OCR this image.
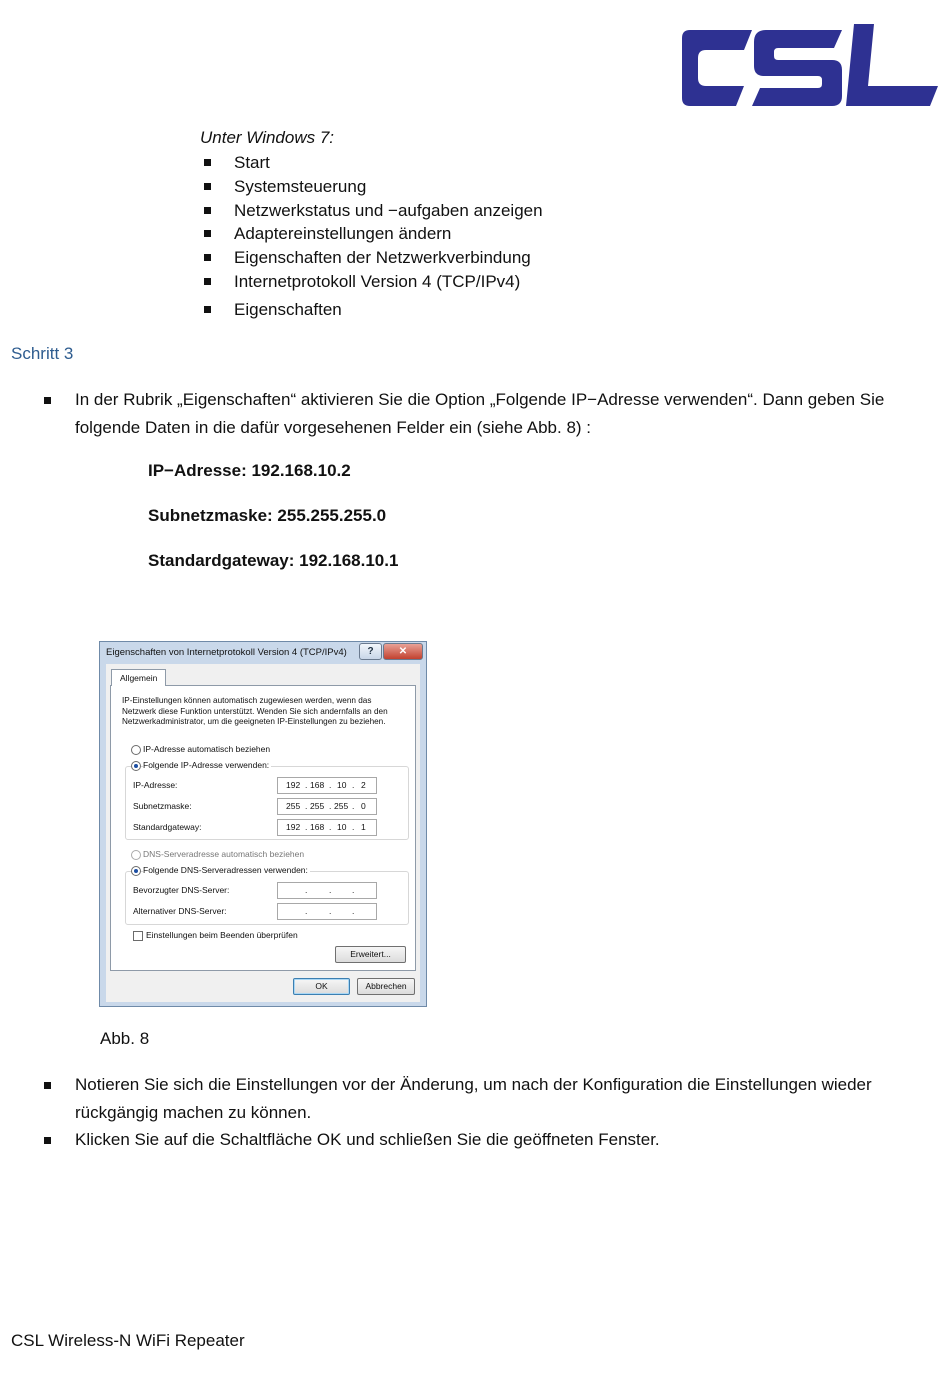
CSL
Unter Windows 7:
Start
Systemsteuerung
Netzwerkstatus und −aufgaben anzeigen
Adaptereinstellungen ändern
Eigenschaften der Netzwerkverbindung
Internetprotokoll Version 4 (TCP/IPv4)
Eigenschaften
Schritt 3

In der Rubrik „Eigenschaften“ aktivieren Sie die Option „Folgende IP−Adresse verwenden“. Dann geben Sie folgende Daten in die dafür vorgesehenen Felder ein (siehe Abb. 8) :

IP−Adresse: 192.168.10.2
Subnetzmaske: 255.255.255.0
Standardgateway: 192.168.10.1
Eigenschaften von Internetprotokoll Version 4 (TCP/IPv4)	?	✕
Allgemein
IP-Einstellungen können automatisch zugewiesen werden, wenn das Netzwerk diese Funktion unterstützt. Wenden Sie sich andernfalls an den Netzwerkadministrator, um die geeigneten IP-Einstellungen zu beziehen.
IP-Adresse automatisch beziehen
Folgende IP-Adresse verwenden:
IP-Adresse:	192 . 168 . 10 . 2
Subnetzmaske:	255 . 255 . 255 . 0
Standardgateway:	192 . 168 . 10 . 1
DNS-Serveradresse automatisch beziehen
Folgende DNS-Serveradressen verwenden:
Bevorzugter DNS-Server:	.	. .
Alternativer DNS-Server:	.	. .
Einstellungen beim Beenden überprüfen
Erweitert...
OK	Abbrechen
Abb. 8

Notieren Sie sich die Einstellungen vor der Änderung, um nach der Konfiguration die Einstellungen wieder rückgängig machen zu können.

Klicken Sie auf die Schaltfläche OK und schließen Sie die geöffneten Fenster.

CSL Wireless-N WiFi Repeater
